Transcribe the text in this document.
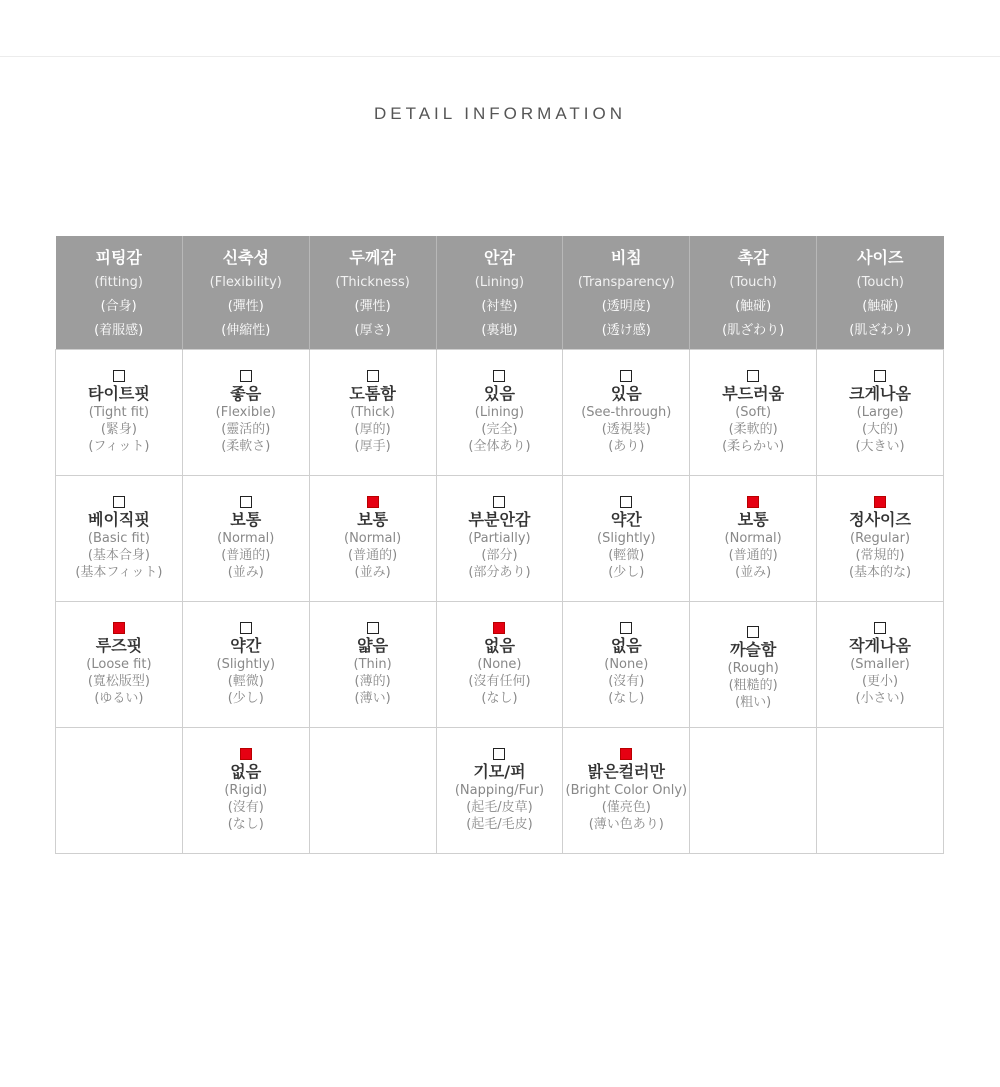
DETAIL INFORMATION
피팅감
(fitting)
(合身)
(着服感)	신축성
(Flexibility)
(彈性)
(伸縮性)	두께감
(Thickness)
(彈性)
(厚さ)	안감
(Lining)
(衬垫)
(裏地)	비침
(Transparency)
(透明度)
(透け感)	촉감
(Touch)
(触碰)
(肌ざわり)	사이즈
(Touch)
(触碰)
(肌ざわり)

타이트핏
(Tight fit)
(緊身)
(フィット)	좋음
(Flexible)
(靈活的)
(柔軟さ)	도톰함
(Thick)
(厚的)
(厚手)	있음
(Lining)
(完全)
(全体あり)	있음
(See-through)
(透視裝)
(あり)	부드러움
(Soft)
(柔軟的)
(柔らかい)	크게나옴
(Large)
(大的)
(大きい)

베이직핏
(Basic fit)
(基本合身)
(基本フィット)	보통
(Normal)
(普通的)
(並み)	보통
(Normal)
(普通的)
(並み)	부분안감
(Partially)
(部分)
(部分あり)	약간
(Slightly)
(輕微)
(少し)	보통
(Normal)
(普通的)
(並み)	정사이즈
(Regular)
(常規的)
(基本的な)

루즈핏
(Loose fit)
(寬松版型)
(ゆるい)	약간
(Slightly)
(輕微)
(少し)	얇음
(Thin)
(薄的)
(薄い)	없음
(None)
(沒有任何)
(なし)	없음
(None)
(沒有)
(なし)	까슬함
(Rough)
(粗糙的)
(粗い)	작게나옴
(Smaller)
(更小)
(小さい)

	없음
(Rigid)
(沒有)
(なし)		기모/퍼
(Napping/Fur)
(起毛/皮草)
(起毛/毛皮)	밝은컬러만
(Bright Color Only)
(僅亮色)
(薄い色あり)		
